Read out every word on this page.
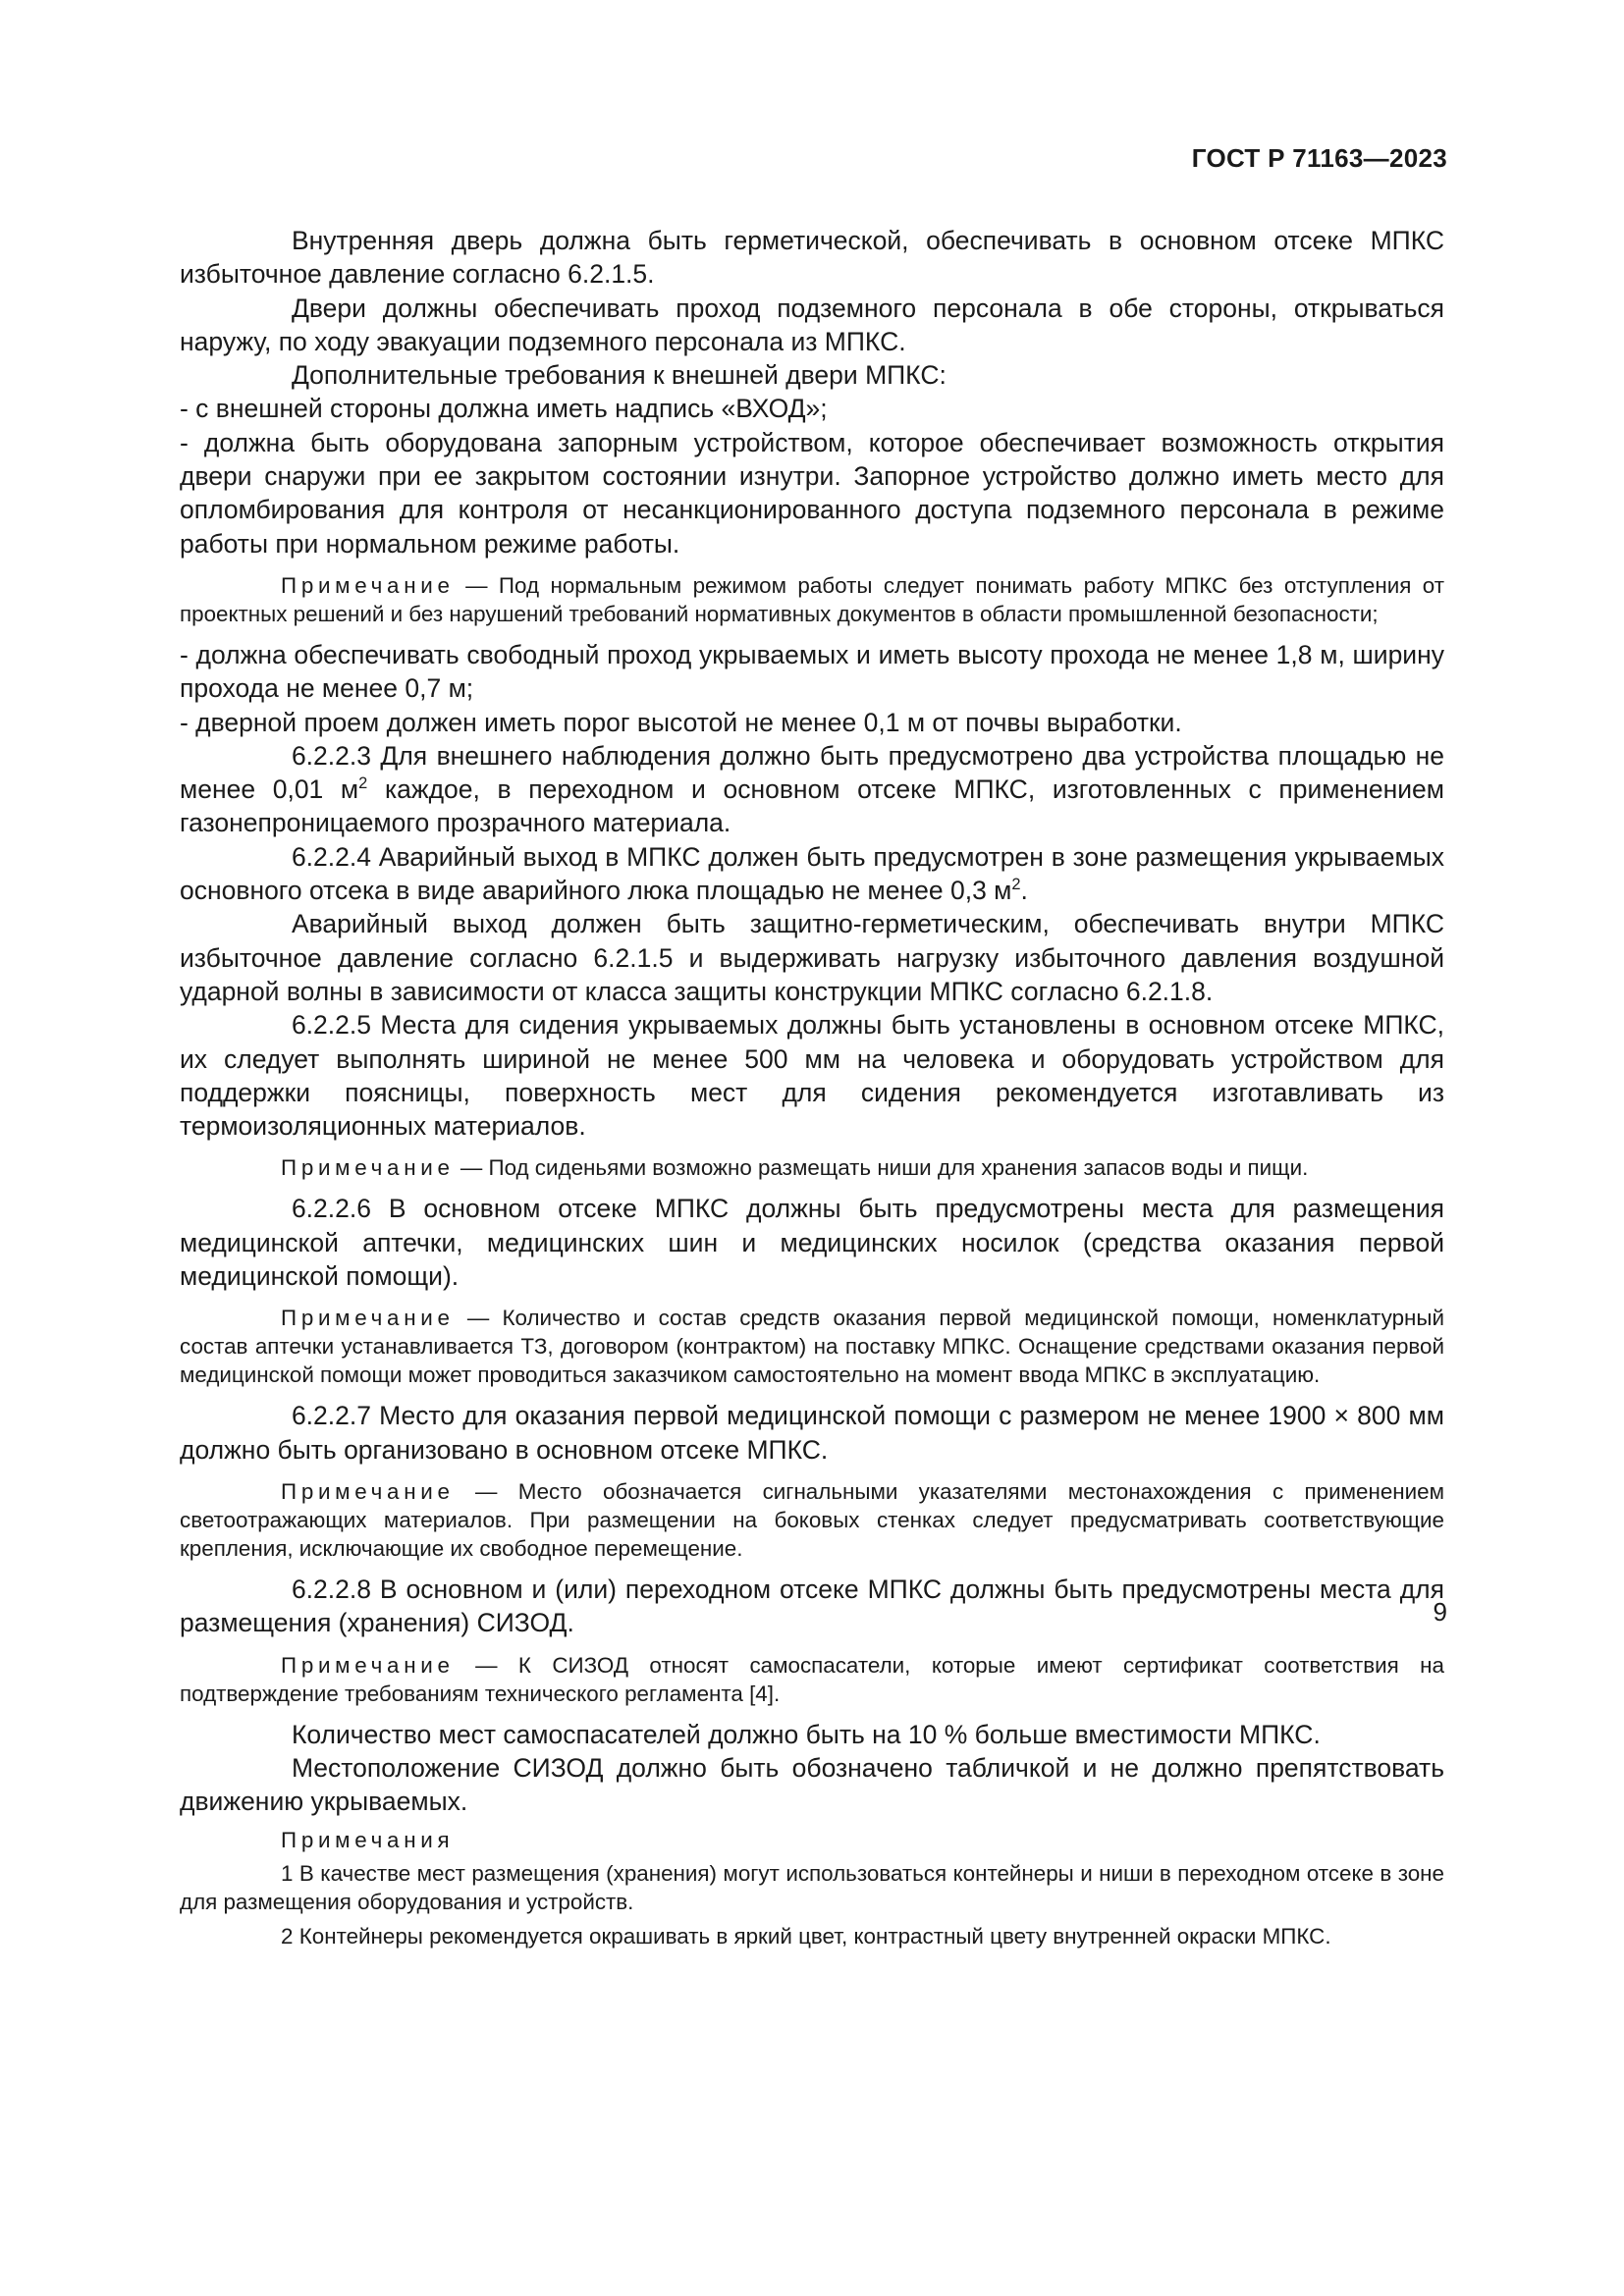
ГОСТ Р 71163—2023

Внутренняя дверь должна быть герметической, обеспечивать в основном отсеке МПКС избыточное давление согласно 6.2.1.5.

Двери должны обеспечивать проход подземного персонала в обе стороны, открываться наружу, по ходу эвакуации подземного персонала из МПКС.

Дополнительные требования к внешней двери МПКС:

- с внешней стороны должна иметь надпись «ВХОД»;

- должна быть оборудована запорным устройством, которое обеспечивает возможность открытия двери снаружи при ее закрытом состоянии изнутри. Запорное устройство должно иметь место для опломбирования для контроля от несанкционированного доступа подземного персонала в режиме работы при нормальном режиме работы.

Примечание — Под нормальным режимом работы следует понимать работу МПКС без отступления от проектных решений и без нарушений требований нормативных документов в области промышленной безопасности;

- должна обеспечивать свободный проход укрываемых и иметь высоту прохода не менее 1,8 м, ширину прохода не менее 0,7 м;

- дверной проем должен иметь порог высотой не менее 0,1 м от почвы выработки.

6.2.2.3 Для внешнего наблюдения должно быть предусмотрено два устройства площадью не менее 0,01 $м^2$ каждое, в переходном и основном отсеке МПКС, изготовленных с применением газонепроницаемого прозрачного материала.

6.2.2.4 Аварийный выход в МПКС должен быть предусмотрен в зоне размещения укрываемых основного отсека в виде аварийного люка площадью не менее 0,3 $м^2$.

Аварийный выход должен быть защитно-герметическим, обеспечивать внутри МПКС избыточное давление согласно 6.2.1.5 и выдерживать нагрузку избыточного давления воздушной ударной волны в зависимости от класса защиты конструкции МПКС согласно 6.2.1.8.

6.2.2.5 Места для сидения укрываемых должны быть установлены в основном отсеке МПКС, их следует выполнять шириной не менее 500 мм на человека и оборудовать устройством для поддержки поясницы, поверхность мест для сидения рекомендуется изготавливать из термоизоляционных материалов.

Примечание — Под сиденьями возможно размещать ниши для хранения запасов воды и пищи.

6.2.2.6 В основном отсеке МПКС должны быть предусмотрены места для размещения медицинской аптечки, медицинских шин и медицинских носилок (средства оказания первой медицинской помощи).

Примечание — Количество и состав средств оказания первой медицинской помощи, номенклатурный состав аптечки устанавливается ТЗ, договором (контрактом) на поставку МПКС. Оснащение средствами оказания первой медицинской помощи может проводиться заказчиком самостоятельно на момент ввода МПКС в эксплуатацию.

6.2.2.7 Место для оказания первой медицинской помощи с размером не менее 1900 × 800 мм должно быть организовано в основном отсеке МПКС.

Примечание — Место обозначается сигнальными указателями местонахождения с применением светоотражающих материалов. При размещении на боковых стенках следует предусматривать соответствующие крепления, исключающие их свободное перемещение.

6.2.2.8 В основном и (или) переходном отсеке МПКС должны быть предусмотрены места для размещения (хранения) СИЗОД.

Примечание — К СИЗОД относят самоспасатели, которые имеют сертификат соответствия на подтверждение требованиям технического регламента [4].

Количество мест самоспасателей должно быть на 10 % больше вместимости МПКС.

Местоположение СИЗОД должно быть обозначено табличкой и не должно препятствовать движению укрываемых.

Примечания

1 В качестве мест размещения (хранения) могут использоваться контейнеры и ниши в переходном отсеке в зоне для размещения оборудования и устройств.

2 Контейнеры рекомендуется окрашивать в яркий цвет, контрастный цвету внутренней окраски МПКС.

9
